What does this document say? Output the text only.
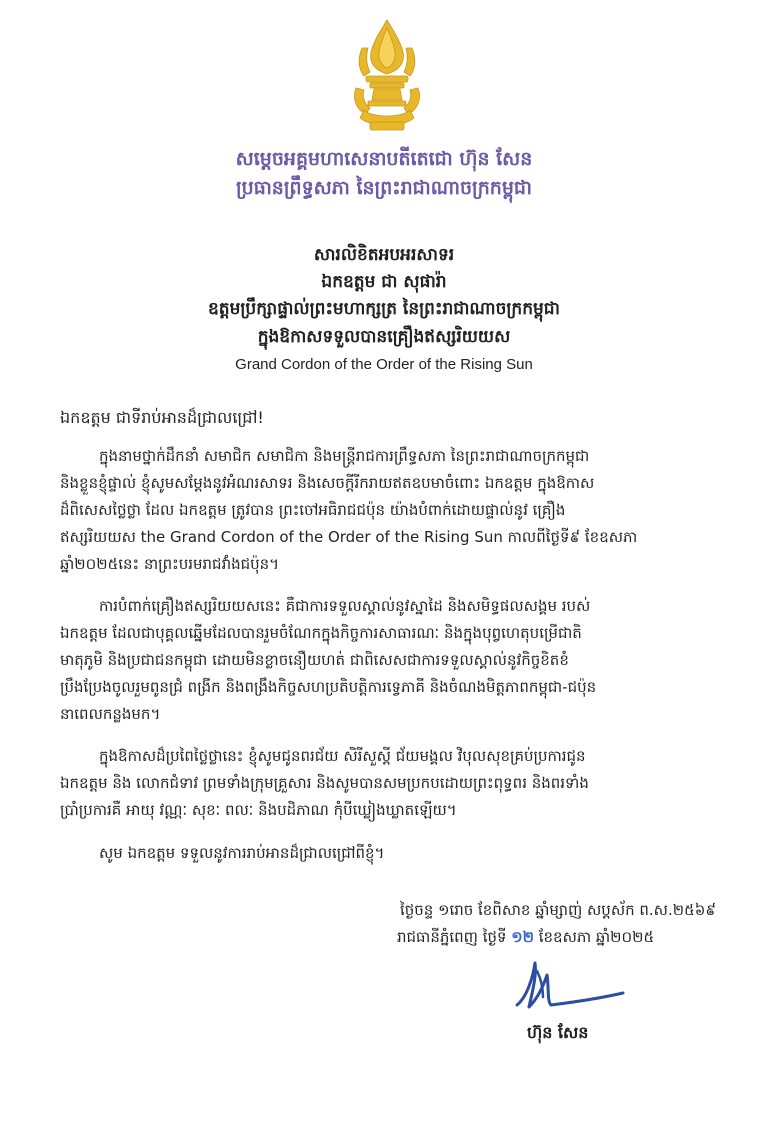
សម្តេចអគ្គមហាសេនាបតីតេជោ ហ៊ុន សែន
ប្រធានព្រឹទ្ធសភា នៃព្រះរាជាណាចក្រកម្ពុជា
សារលិខិតអបអរសាទរ
ឯកឧត្តម ជា សុផារ៉ា
ឧត្តមប្រឹក្សាផ្ទាល់ព្រះមហាក្សត្រ នៃព្រះរាជាណាចក្រកម្ពុជា
ក្នុងឱកាសទទួលបានគ្រឿងឥស្សរិយយស
Grand Cordon of the Order of the Rising Sun
ឯកឧត្តម ជាទីរាប់អានដ៏ជ្រាលជ្រៅ!
ក្នុងនាមថ្នាក់ដឹកនាំ សមាជិក សមាជិកា និងមន្ត្រីរាជការព្រឹទ្ធសភា នៃព្រះរាជាណាចក្រកម្ពុជា
និងខ្លួនខ្ញុំផ្ទាល់ ខ្ញុំសូមសម្តែងនូវអំណរសាទរ និងសេចក្តីរីករាយឥតឧបមាចំពោះ ឯកឧត្តម ក្នុងឱកាស
ដ៏ពិសេសថ្លៃថ្លា ដែល ឯកឧត្តម ត្រូវបាន ព្រះចៅអធិរាជជប៉ុន យ៉ាងបំពាក់ដោយផ្ទាល់នូវ គ្រឿង
ឥស្សរិយយស the Grand Cordon of the Order of the Rising Sun កាលពីថ្ងៃទី៩ ខែឧសភា
ឆ្នាំ២០២៥នេះ នាព្រះបរមរាជវាំងជប៉ុន។
ការបំពាក់គ្រឿងឥស្សរិយយសនេះ គឺជាការទទួលស្គាល់នូវស្នាដៃ និងសមិទ្ធផលសង្គម របស់
ឯកឧត្តម ដែលជាបុគ្គលឆ្នើមដែលបានរួមចំណែកក្នុងកិច្ចការសាធារណៈ និងក្នុងបុព្វហេតុបម្រើជាតិ
មាតុភូមិ និងប្រជាជនកម្ពុជា ដោយមិនខ្លាចនឿយហត់ ជាពិសេសជាការទទួលស្គាល់នូវកិច្ចខិតខំ
ប្រឹងប្រែងចូលរួមពូនជ្រំ ពង្រីក និងពង្រឹងកិច្ចសហប្រតិបត្តិការទ្វេភាគី និងចំណងមិត្តភាពកម្ពុជា-ជប៉ុន
នាពេលកន្លងមក។
ក្នុងឱកាសដ៏ប្រពៃថ្លៃថ្លានេះ ខ្ញុំសូមជូនពរជ័យ សិរីសួស្តី ជ័យមង្គល វិបុលសុខគ្រប់ប្រការជូន
ឯកឧត្តម និង លោកជំទាវ ព្រមទាំងក្រុមគ្រួសារ និងសូមបានសមប្រកបដោយព្រះពុទ្ធពរ និងពរទាំង
ប្រាំប្រការគឺ អាយុ វណ្ណៈ សុខៈ ពលៈ និងបដិភាណ កុំបីឃ្លៀងឃ្លាតឡើយ។
សូម ឯកឧត្តម ទទួលនូវការរាប់អានដ៏ជ្រាលជ្រៅពីខ្ញុំ។
ថ្ងៃចន្ទ ១រោច ខែពិសាខ ឆ្នាំម្សាញ់ សប្តស័ក ព.ស.២៥៦៩
រាជធានីភ្នំពេញ ថ្ងៃទី ១២ ខែឧសភា ឆ្នាំ២០២៥
ហ៊ុន សែន
